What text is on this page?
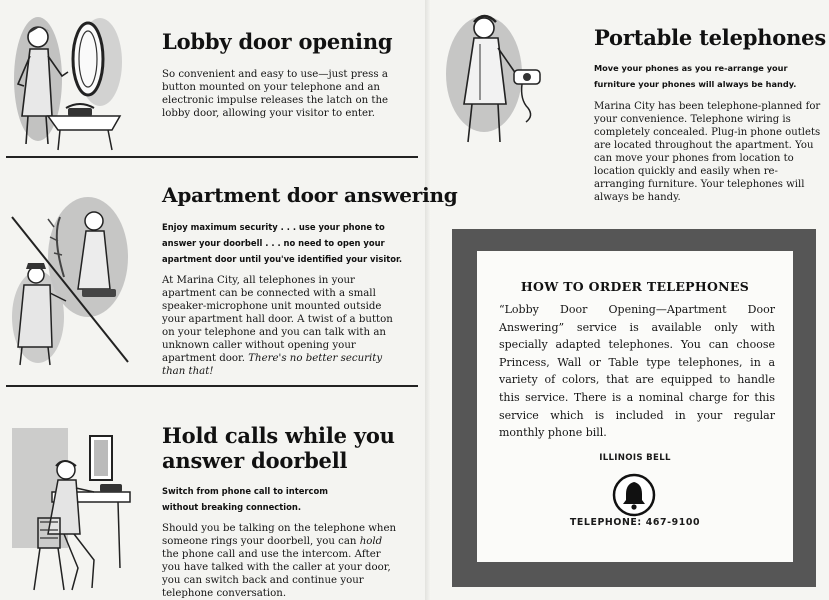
Lobby door opening

So convenient and easy to use—just press a button mounted on your telephone and an electronic impulse releases the latch on the lobby door, allowing your visitor to enter.

Apartment door answering

Enjoy maximum security . . . use your phone to answer your doorbell . . . no need to open your apartment door until you've identified your visitor.

At Marina City, all telephones in your apartment can be connected with a small speaker-microphone unit mounted outside your apartment hall door. A twist of a button on your telephone and you can talk with an unknown caller without opening your apartment door. There's no better security than that!

Hold calls while you
answer doorbell

Switch from phone call to intercom without breaking connection.

Should you be talking on the telephone when someone rings your doorbell, you can hold the phone call and use the intercom. After you have talked with the caller at your door, you can switch back and continue your telephone conversation.

Portable telephones

Move your phones as you re-arrange your furniture your phones will always be handy.

Marina City has been telephone-planned for your convenience. Telephone wiring is completely concealed. Plug-in phone outlets are located throughout the apartment. You can move your phones from location to location quickly and easily when re-arranging furniture. Your telephones will always be handy.

HOW TO ORDER TELEPHONES

“Lobby Door Opening—Apartment Door Answering” service is available only with specially adapted telephones. You can choose Princess, Wall or Table type telephones, in a variety of colors, that are equipped to handle this service. There is a nominal charge for this service which is included in your regular monthly phone bill.

ILLINOIS BELL

TELEPHONE: 467-9100
